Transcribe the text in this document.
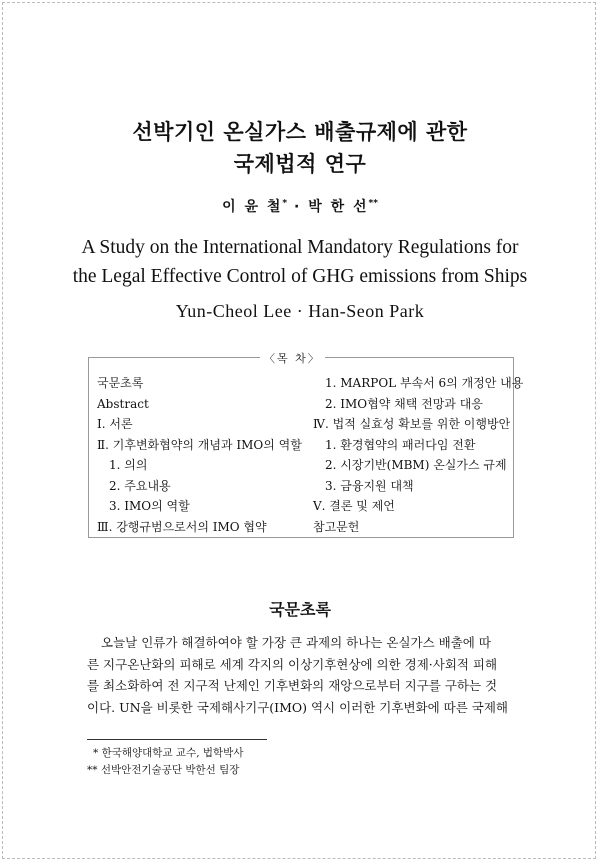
선박기인 온실가스 배출규제에 관한
국제법적 연구
이 윤 철* · 박 한 선**
A Study on the International Mandatory Regulations for
the Legal Effective Control of GHG emissions from Ships
Yun-Cheol Lee · Han-Seon Park
〈목 차〉
국문초록
Abstract
Ⅰ. 서론
Ⅱ. 기후변화협약의 개념과 IMO의 역할
1. 의의
2. 주요내용
3. IMO의 역할
Ⅲ. 강행규범으로서의 IMO 협약
1. MARPOL 부속서 6의 개정안 내용
2. IMO협약 채택 전망과 대응
Ⅳ. 법적 실효성 확보를 위한 이행방안
1. 환경협약의 패러다임 전환
2. 시장기반(MBM) 온실가스 규제
3. 금융지원 대책
Ⅴ. 결론 및 제언
참고문헌
국문초록
오늘날 인류가 해결하여야 할 가장 큰 과제의 하나는 온실가스 배출에 따
른 지구온난화의 피해로 세계 각지의 이상기후현상에 의한 경제·사회적 피해
를 최소화하여 전 지구적 난제인 기후변화의 재앙으로부터 지구를 구하는 것
이다. UN을 비롯한 국제해사기구(IMO) 역시 이러한 기후변화에 따른 국제해
* 한국해양대학교 교수, 법학박사
** 선박안전기술공단 박한선 팀장
